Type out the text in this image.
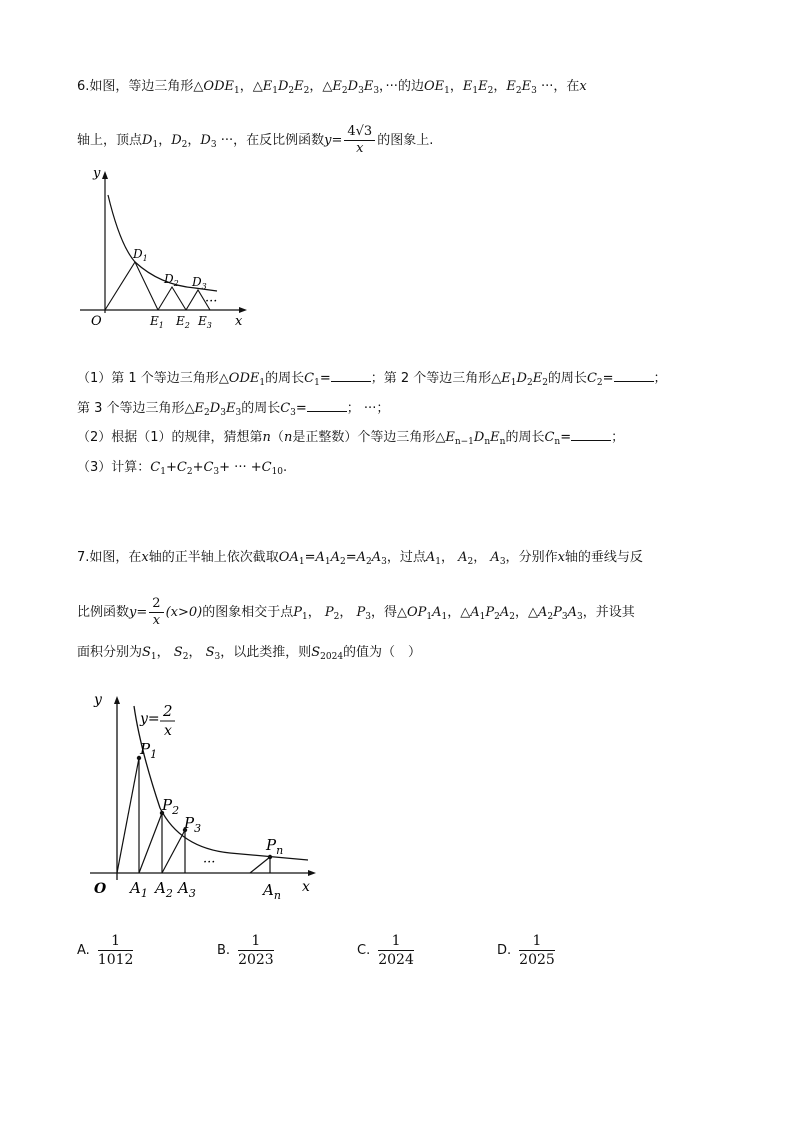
6.如图，等边三角形$\triangle ODE_1$，$\triangle E_1D_2E_2$，$\triangle E_2D_3E_3$，···的边$OE_1$，$E_1E_2$，$E_2E_3$ ···，在x
轴上，顶点$D_1$，$D_2$，$D_3$ ···，在反比例函数$y= \frac{4√3}{x}$ 的图象上.
y
x
O
$D_1$
$D_2$ $D_3$
···
$E_1$ $E_2$ $E_3$
（1）第 1 个等边三角形$\triangle ODE_1$的周长$C_1=$	；第 2 个等边三角形$\triangle E_1D_2E_2$的周长$C_2=$	；
第 3 个等边三角形$\triangle E_2D_3E_3$的周长$C_3=$	； ···；
（2）根据（1）的规律，猜想第n（n是正整数）个等边三角形$\triangle E_{n-1}D_nE_n$的周长$C_n=$	；
（3）计算：$C_1+C_2+C_3+$ ··· $+C_{10}$.
7.如图，在x轴的正半轴上依次截取$OA_1=A_1A_2=A_2A_3$，过点$A_1$， $A_2$， $A_3$，分别作x轴的垂线与反
比例函数$y= \frac{2}{x} (x>0)$的图象相交于点$P_1$， $P_2$， $P_3$，得$\triangle OP_1A_1$，$\triangle A_1P_2A_2$，$\triangle A_2P_3A_3$，并设其
面积分别为$S_1$， $S_2$， $S_3$，以此类推，则$S_{2024}$的值为（　）
y
x
O
y= 2
x
$P_1$
$P_2$
$P_3$
$P_n$
···
$A_1$ $A_2$ $A_3$	$A_n$
A. $\frac{1}{1012}$	B. $\frac{1}{2023}$	C. $\frac{1}{2024}$	D. $\frac{1}{2025}$
